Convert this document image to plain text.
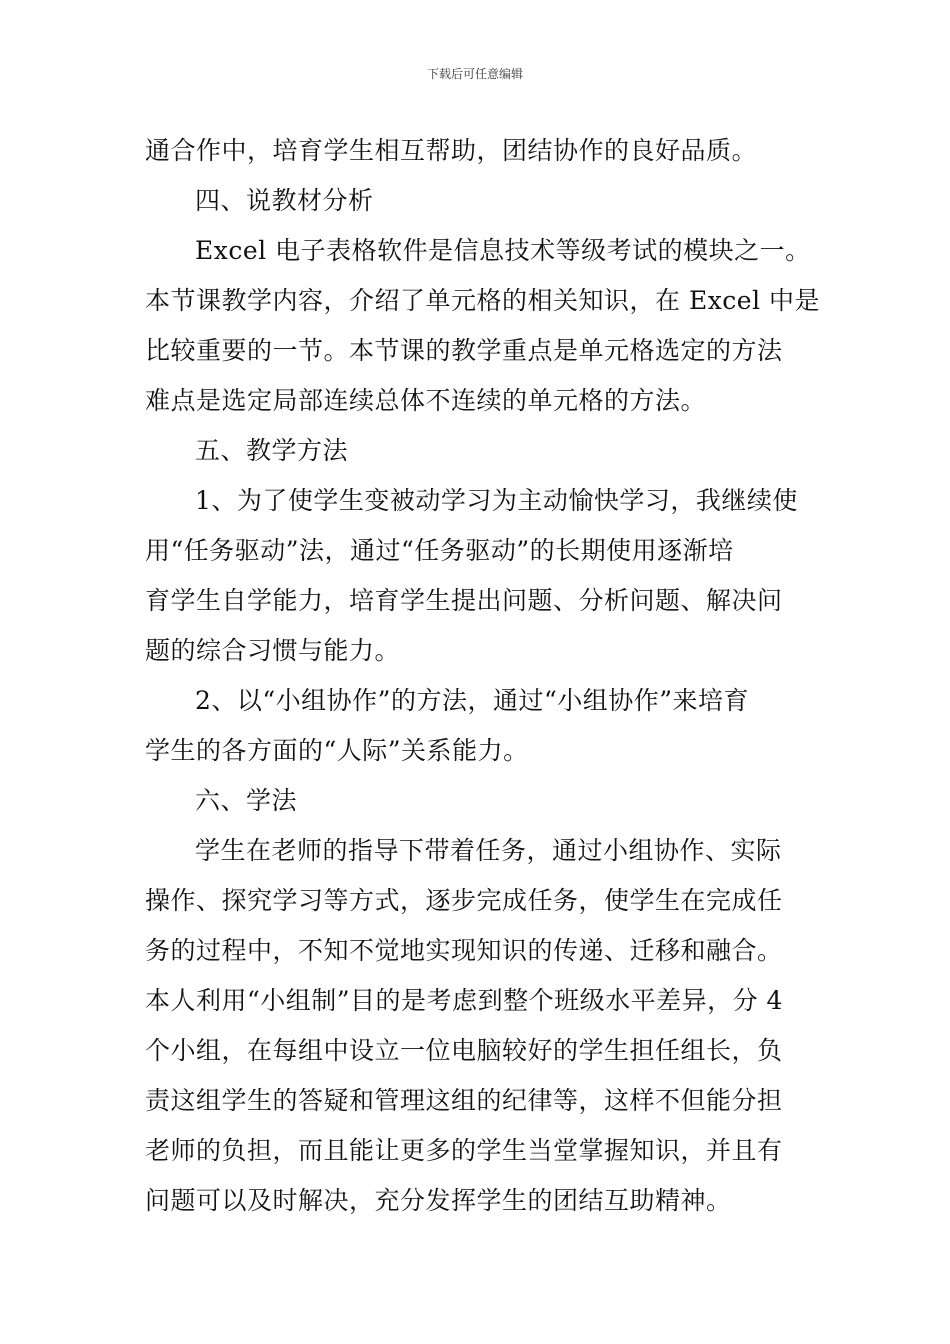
下载后可任意编辑
通合作中，培育学生相互帮助，团结协作的良好品质。
四、说教材分析
Excel 电子表格软件是信息技术等级考试的模块之一。
本节课教学内容，介绍了单元格的相关知识，在 Excel 中是
比较重要的一节。本节课的教学重点是单元格选定的方法
难点是选定局部连续总体不连续的单元格的方法。
五、教学方法
1、为了使学生变被动学习为主动愉快学习，我继续使
用“任务驱动”法，通过“任务驱动”的长期使用逐渐培
育学生自学能力，培育学生提出问题、分析问题、解决问
题的综合习惯与能力。
2、以“小组协作”的方法，通过“小组协作”来培育
学生的各方面的“人际”关系能力。
六、学法
学生在老师的指导下带着任务，通过小组协作、实际
操作、探究学习等方式，逐步完成任务，使学生在完成任
务的过程中，不知不觉地实现知识的传递、迁移和融合。
本人利用“小组制”目的是考虑到整个班级水平差异，分 4
个小组，在每组中设立一位电脑较好的学生担任组长，负
责这组学生的答疑和管理这组的纪律等，这样不但能分担
老师的负担，而且能让更多的学生当堂掌握知识，并且有
问题可以及时解决，充分发挥学生的团结互助精神。
